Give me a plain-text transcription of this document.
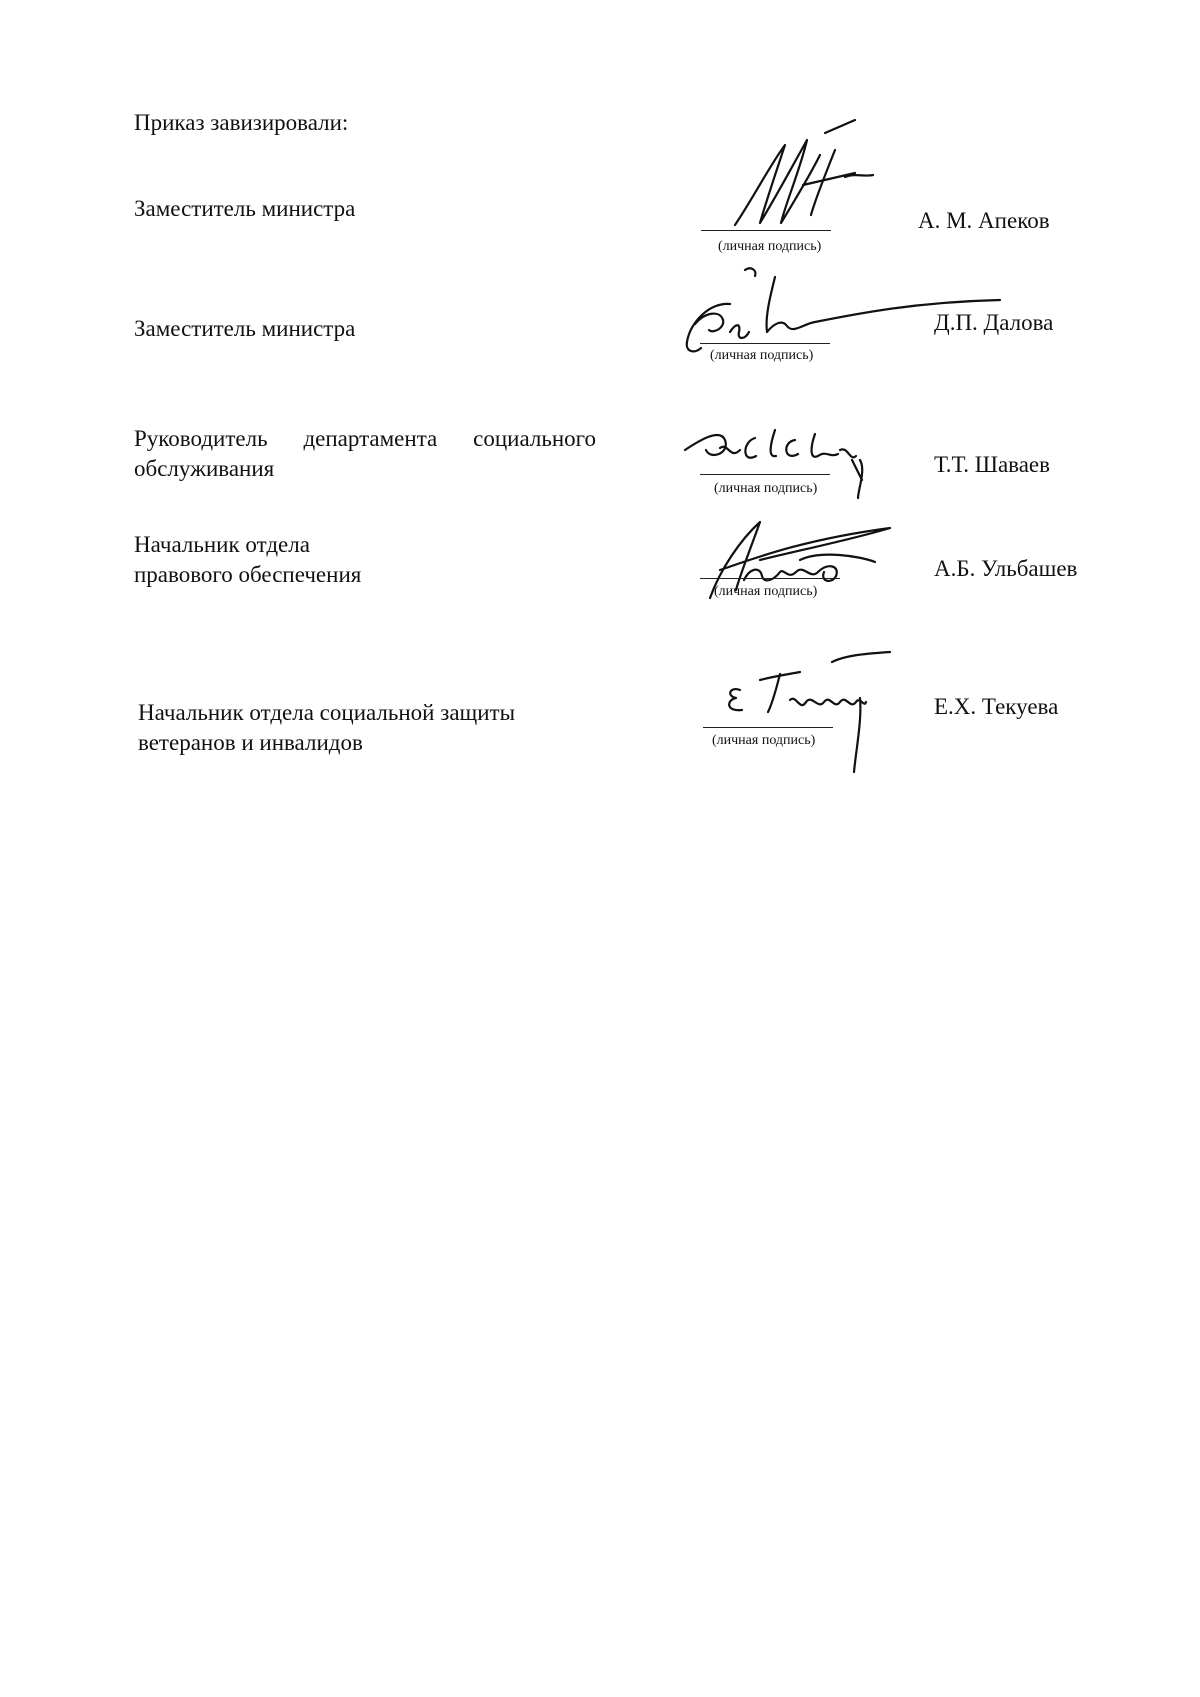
Приказ завизировали:
Заместитель министра
(личная подпись)
А. М. Апеков
Заместитель министра
(личная подпись)
Д.П. Далова
Руководитель департамента социального
обслуживания
(личная подпись)
Т.Т. Шаваев
Начальник отдела
правового обеспечения
(личная подпись)
А.Б. Ульбашев
Начальник отдела социальной защиты
ветеранов и инвалидов	(личная подпись)
Е.Х. Текуева
